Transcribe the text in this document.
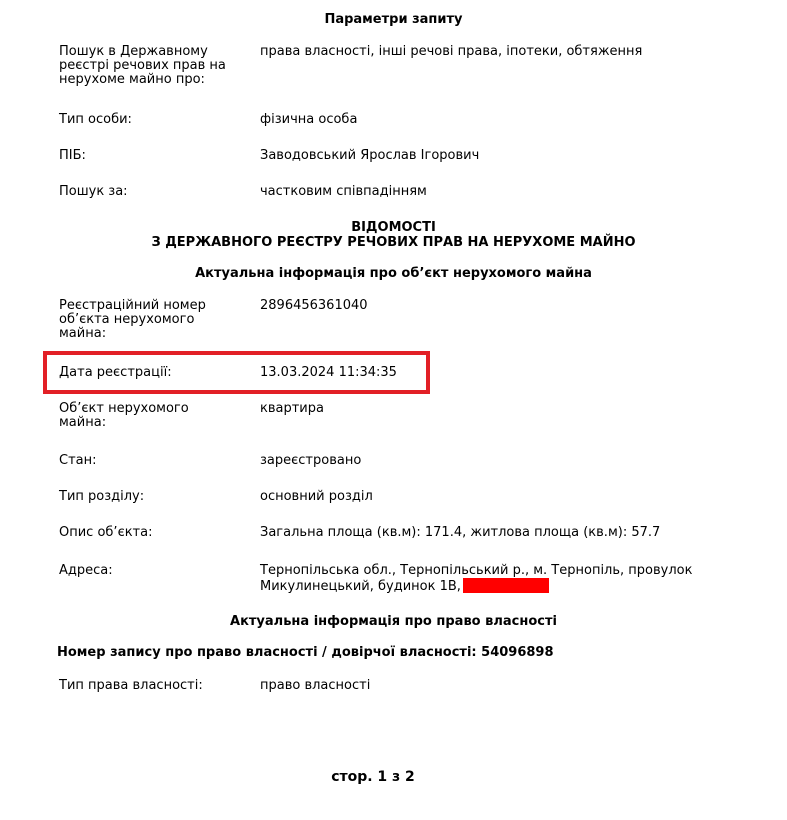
Параметри запиту
Пошук в Державному реєстрі речових прав на нерухоме майно про:
права власності, інші речові права, іпотеки, обтяження
Тип особи:	фізична особа
ПІБ:	Заводовський Ярослав Ігорович
Пошук за:	частковим співпадінням
ВІДОМОСТІ
З ДЕРЖАВНОГО РЕЄСТРУ РЕЧОВИХ ПРАВ НА НЕРУХОМЕ МАЙНО
Актуальна інформація про об’єкт нерухомого майна
Реєстраційний номер об’єкта нерухомого майна:
2896456361040
Дата реєстрації:	13.03.2024 11:34:35
Об’єкт нерухомого майна:
квартира
Стан:	зареєстровано
Тип розділу:	основний розділ
Опис об’єкта:	Загальна площа (кв.м): 171.4, житлова площа (кв.м): 57.7
Адреса:	Тернопільська обл., Тернопільський р., м. Тернопіль, провулок Микулинецький, будинок 1В,
Актуальна інформація про право власності
Номер запису про право власності / довірчої власності: 54096898
Тип права власності:	право власності
стор. 1 з 2
